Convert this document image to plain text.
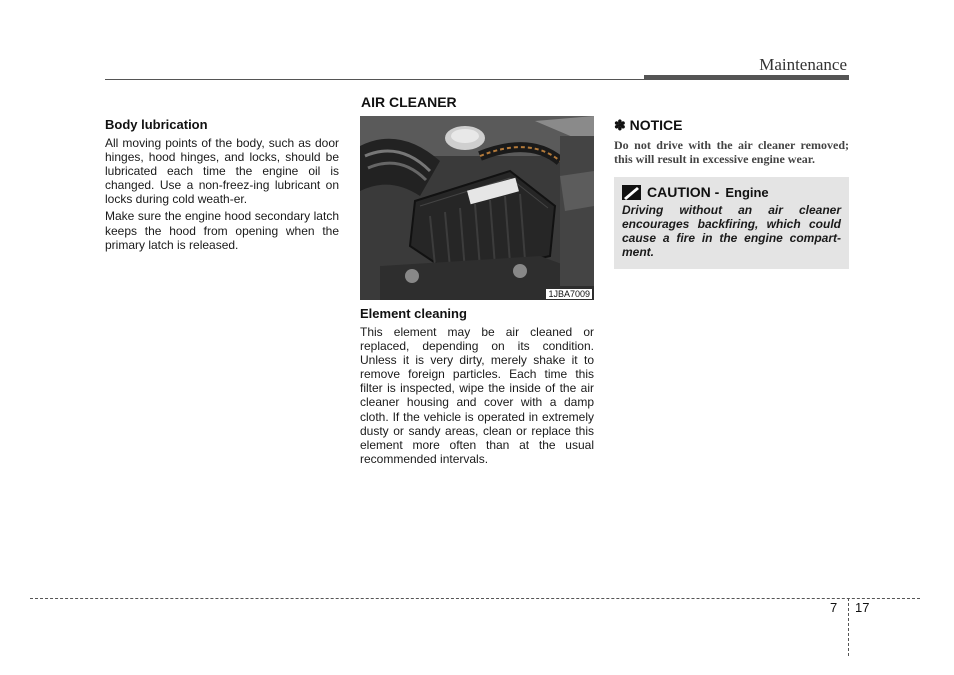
Maintenance
Body lubrication

All moving points of the body, such as door hinges, hood hinges, and locks, should be lubricated each time the engine oil is changed. Use a non-freez-ing lubricant on locks during cold weath-er.

Make sure the engine hood secondary latch keeps the hood from opening when the primary latch is released.

AIR CLEANER
1JBA7009
Element cleaning

This element may be air cleaned or replaced, depending on its condition. Unless it is very dirty, merely shake it to remove foreign particles. Each time this filter is inspected, wipe the inside of the air cleaner housing and cover with a damp cloth. If the vehicle is operated in extremely dusty or sandy areas, clean or replace this element more often than at the usual recommended intervals.

✽ NOTICE

Do not drive with the air cleaner removed; this will result in excessive engine wear.

CAUTION - Engine

Driving without an air cleaner encourages backfiring, which could cause a fire in the engine compart-ment.

7 17
